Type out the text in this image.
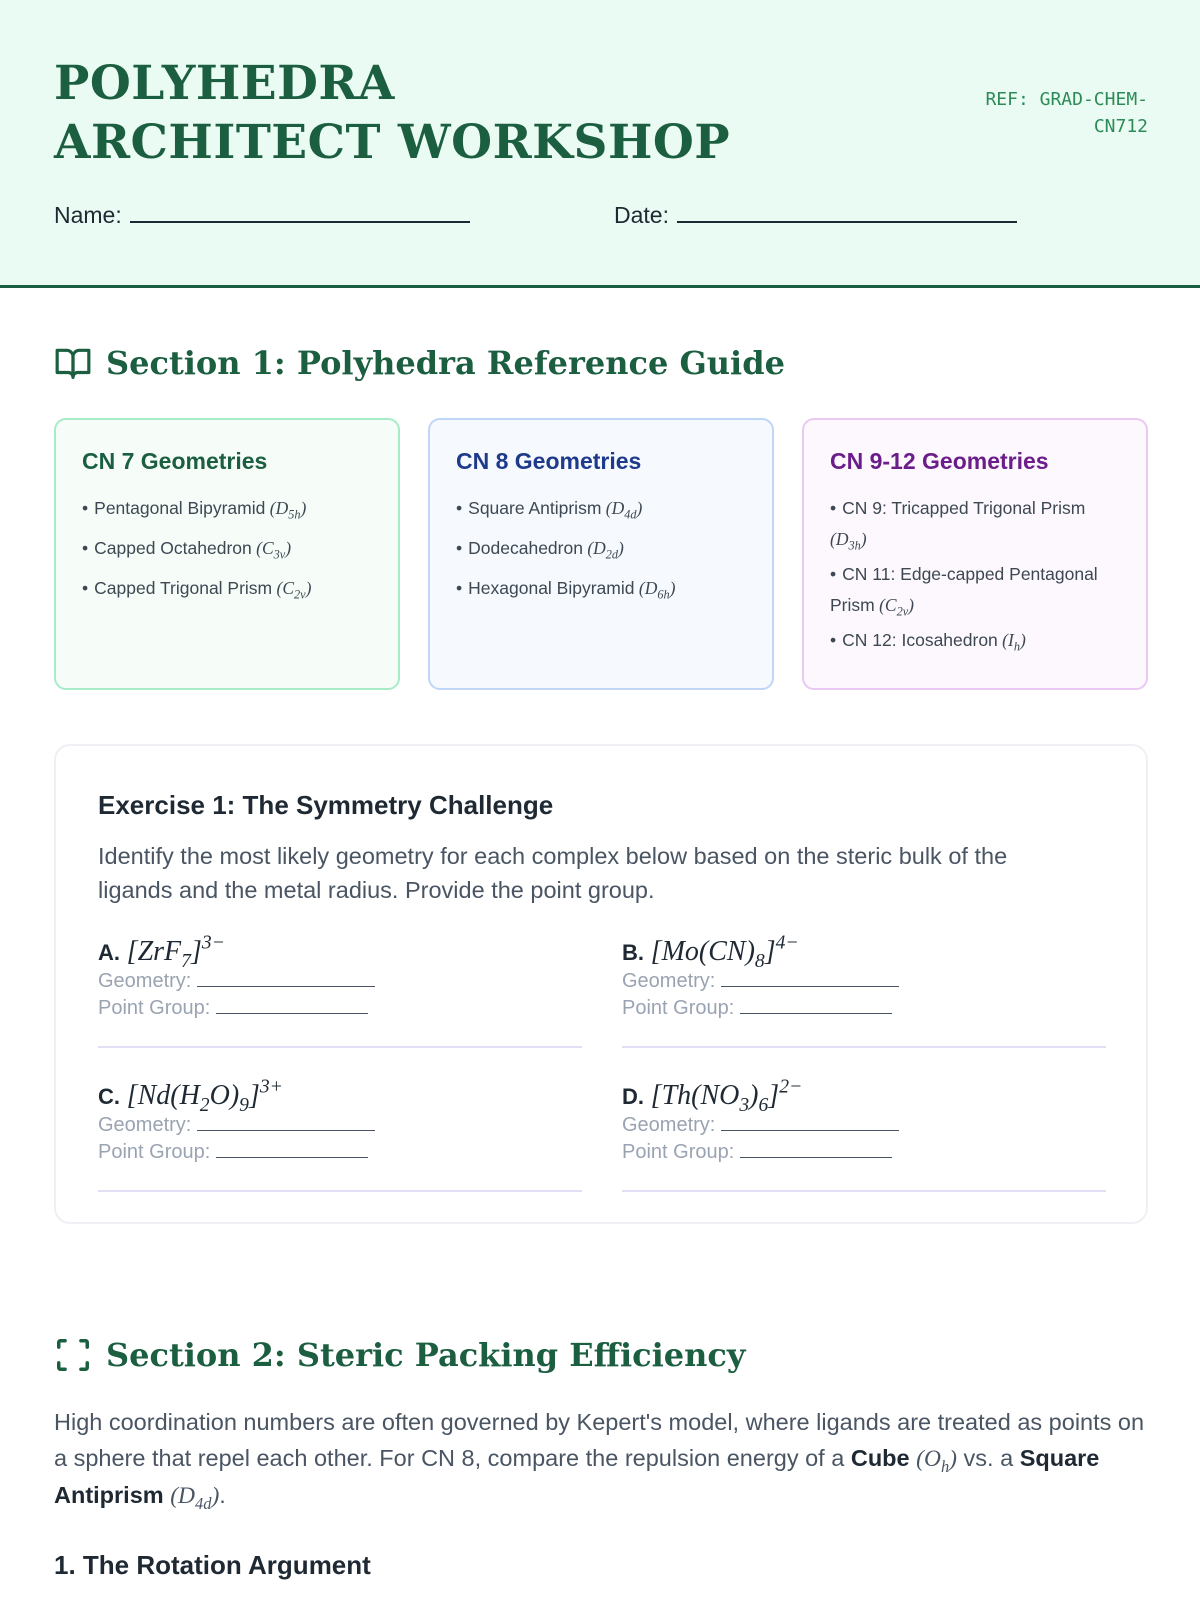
POLYHEDRA ARCHITECT WORKSHOP
REF: GRAD-CHEM-CN712
Name:	Date:
Section 1: Polyhedra Reference Guide
CN 7 Geometries
• Pentagonal Bipyramid $(D_{5h})$
• Capped Octahedron $(C_{3v})$
• Capped Trigonal Prism $(C_{2v})$
CN 8 Geometries
• Square Antiprism $(D_{4d})$
• Dodecahedron $(D_{2d})$
• Hexagonal Bipyramid $(D_{6h})$
CN 9-12 Geometries
• CN 9: Tricapped Trigonal Prism $(D_{3h})$
• CN 11: Edge-capped Pentagonal Prism $(C_{2v})$
• CN 12: Icosahedron $(I_h)$
Exercise 1: The Symmetry Challenge

Identify the most likely geometry for each complex below based on the steric bulk of the ligands and the metal radius. Provide the point group.

A. $[ZrF_7]^{3-}$
Geometry:
Point Group:
B. $[Mo(CN)_8]^{4-}$
Geometry:
Point Group:
C. $[Nd(H_2O)_9]^{3+}$
Geometry:
Point Group:
D. $[Th(NO_3)_6]^{2-}$
Geometry:
Point Group:
Section 2: Steric Packing Efficiency

High coordination numbers are often governed by Kepert's model, where ligands are treated as points on a sphere that repel each other. For CN 8, compare the repulsion energy of a Cube $(O_h)$ vs. a Square Antiprism $(D_{4d})$.

1. The Rotation Argument
